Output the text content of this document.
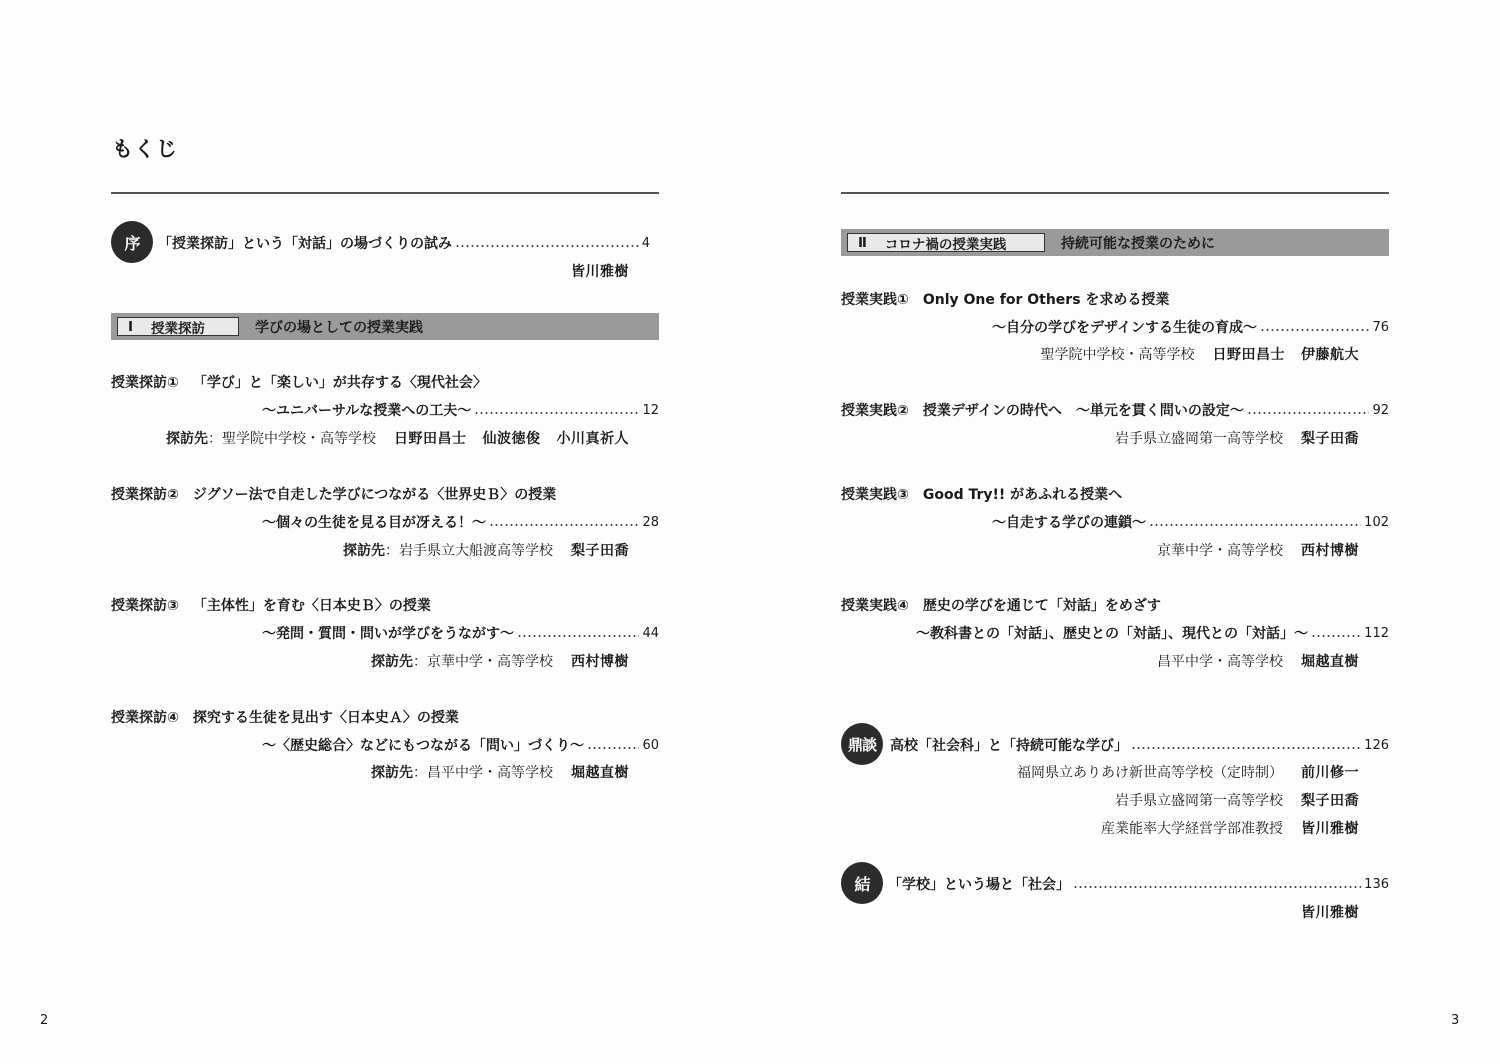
もくじ
序	「授業探訪」という「対話」の場づくりの試み	4
皆川雅樹
Ⅰ 授業探訪	学びの場としての授業実践
授業探訪① 「学び」と「楽しい」が共存する〈現代社会〉
〜ユニバーサルな授業への工夫〜	12
探訪先 ：聖学院中学校・高等学校 日野田昌士 仙波徳俊 小川真祈人
授業探訪② ジグソー法で自走した学びにつながる〈世界史Ｂ〉の授業
〜個々の生徒を見る目が冴える！〜	28
探訪先 ：岩手県立大船渡高等学校 梨子田喬
授業探訪③ 「主体性」を育む〈日本史Ｂ〉の授業
〜発問・質問・問いが学びをうながす〜	44
探訪先 ：京華中学・高等学校 西村博樹
授業探訪④ 探究する生徒を見出す〈日本史Ａ〉の授業
〜〈歴史総合〉などにもつながる「問い」づくり〜	60
探訪先 ：昌平中学・高等学校 堀越直樹
Ⅱ コロナ禍の授業実践	持続可能な授業のために
授業実践① Only One for Others を求める授業
〜自分の学びをデザインする生徒の育成〜	76
聖学院中学校・高等学校 日野田昌士 伊藤航大
授業実践② 授業デザインの時代へ　〜単元を貫く問いの設定〜	92
岩手県立盛岡第一高等学校 梨子田喬
授業実践③ Good Try!! があふれる授業へ
〜自走する学びの連鎖〜	102
京華中学・高等学校 西村博樹
授業実践④ 歴史の学びを通じて「対話」をめざす
〜教科書との「対話」、歴史との「対話」、現代との「対話」〜	112
昌平中学・高等学校 堀越直樹
鼎談	高校「社会科」と「持続可能な学び」	126
福岡県立ありあけ新世高等学校（定時制） 前川修一
岩手県立盛岡第一高等学校 梨子田喬
産業能率大学経営学部准教授 皆川雅樹
結	「学校」という場と「社会」	136
皆川雅樹
2	3
